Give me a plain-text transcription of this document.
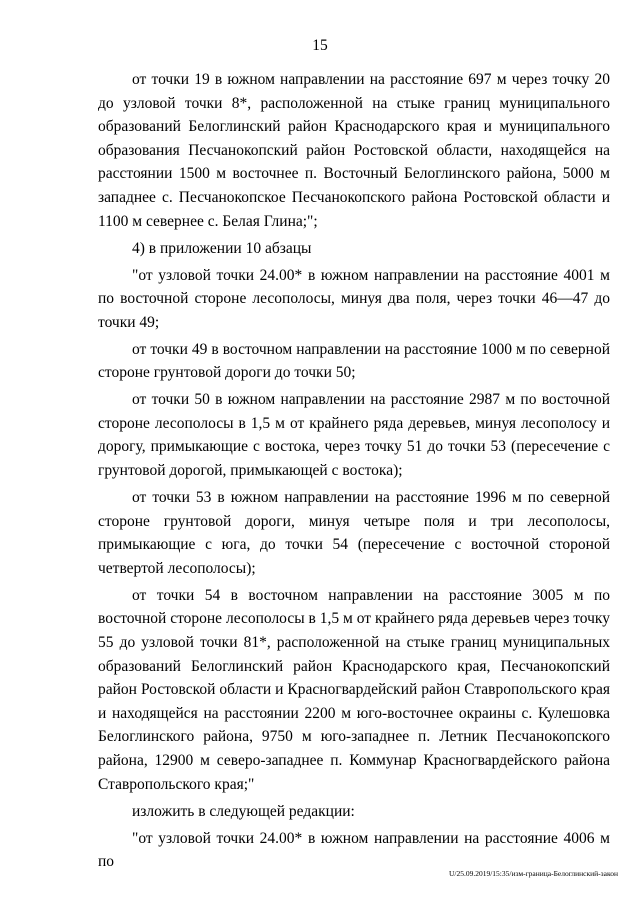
15

от точки 19 в южном направлении на расстояние 697 м через точку 20 до узловой точки 8*, расположенной на стыке границ муниципального образований Белоглинский район Краснодарского края и муниципального образования Песчанокопский район Ростовской области, находящейся на расстоянии 1500 м восточнее п. Восточный Белоглинского района, 5000 м западнее с. Песчанокопское Песчанокопского района Ростовской области и 1100 м севернее с. Белая Глина;";

4) в приложении 10 абзацы

"от узловой точки 24.00* в южном направлении на расстояние 4001 м по восточной стороне лесополосы, минуя два поля, через точки 46—47 до точки 49;

от точки 49 в восточном направлении на расстояние 1000 м по северной стороне грунтовой дороги до точки 50;

от точки 50 в южном направлении на расстояние 2987 м по восточной стороне лесополосы в 1,5 м от крайнего ряда деревьев, минуя лесополосу и дорогу, примыкающие с востока, через точку 51 до точки 53 (пересечение с грунтовой дорогой, примыкающей с востока);

от точки 53 в южном направлении на расстояние 1996 м по северной стороне грунтовой дороги, минуя четыре поля и три лесополосы, примыкающие с юга, до точки 54 (пересечение с восточной стороной четвертой лесополосы);

от точки 54 в восточном направлении на расстояние 3005 м по восточной стороне лесополосы в 1,5 м от крайнего ряда деревьев через точку 55 до узловой точки 81*, расположенной на стыке границ муниципальных образований Белоглинский район Краснодарского края, Песчанокопский район Ростовской области и Красногвардейский район Ставропольского края и находящейся на расстоянии 2200 м юго-восточнее окраины с. Кулешовка Белоглинского района, 9750 м юго-западнее п. Летник Песчанокопского района, 12900 м северо-западнее п. Коммунар Красногвардейского района Ставропольского края;"

изложить в следующей редакции:

"от узловой точки 24.00* в южном направлении на расстояние 4006 м по

U/25.09.2019/15:35/изм-граница-Белоглинский-закон
